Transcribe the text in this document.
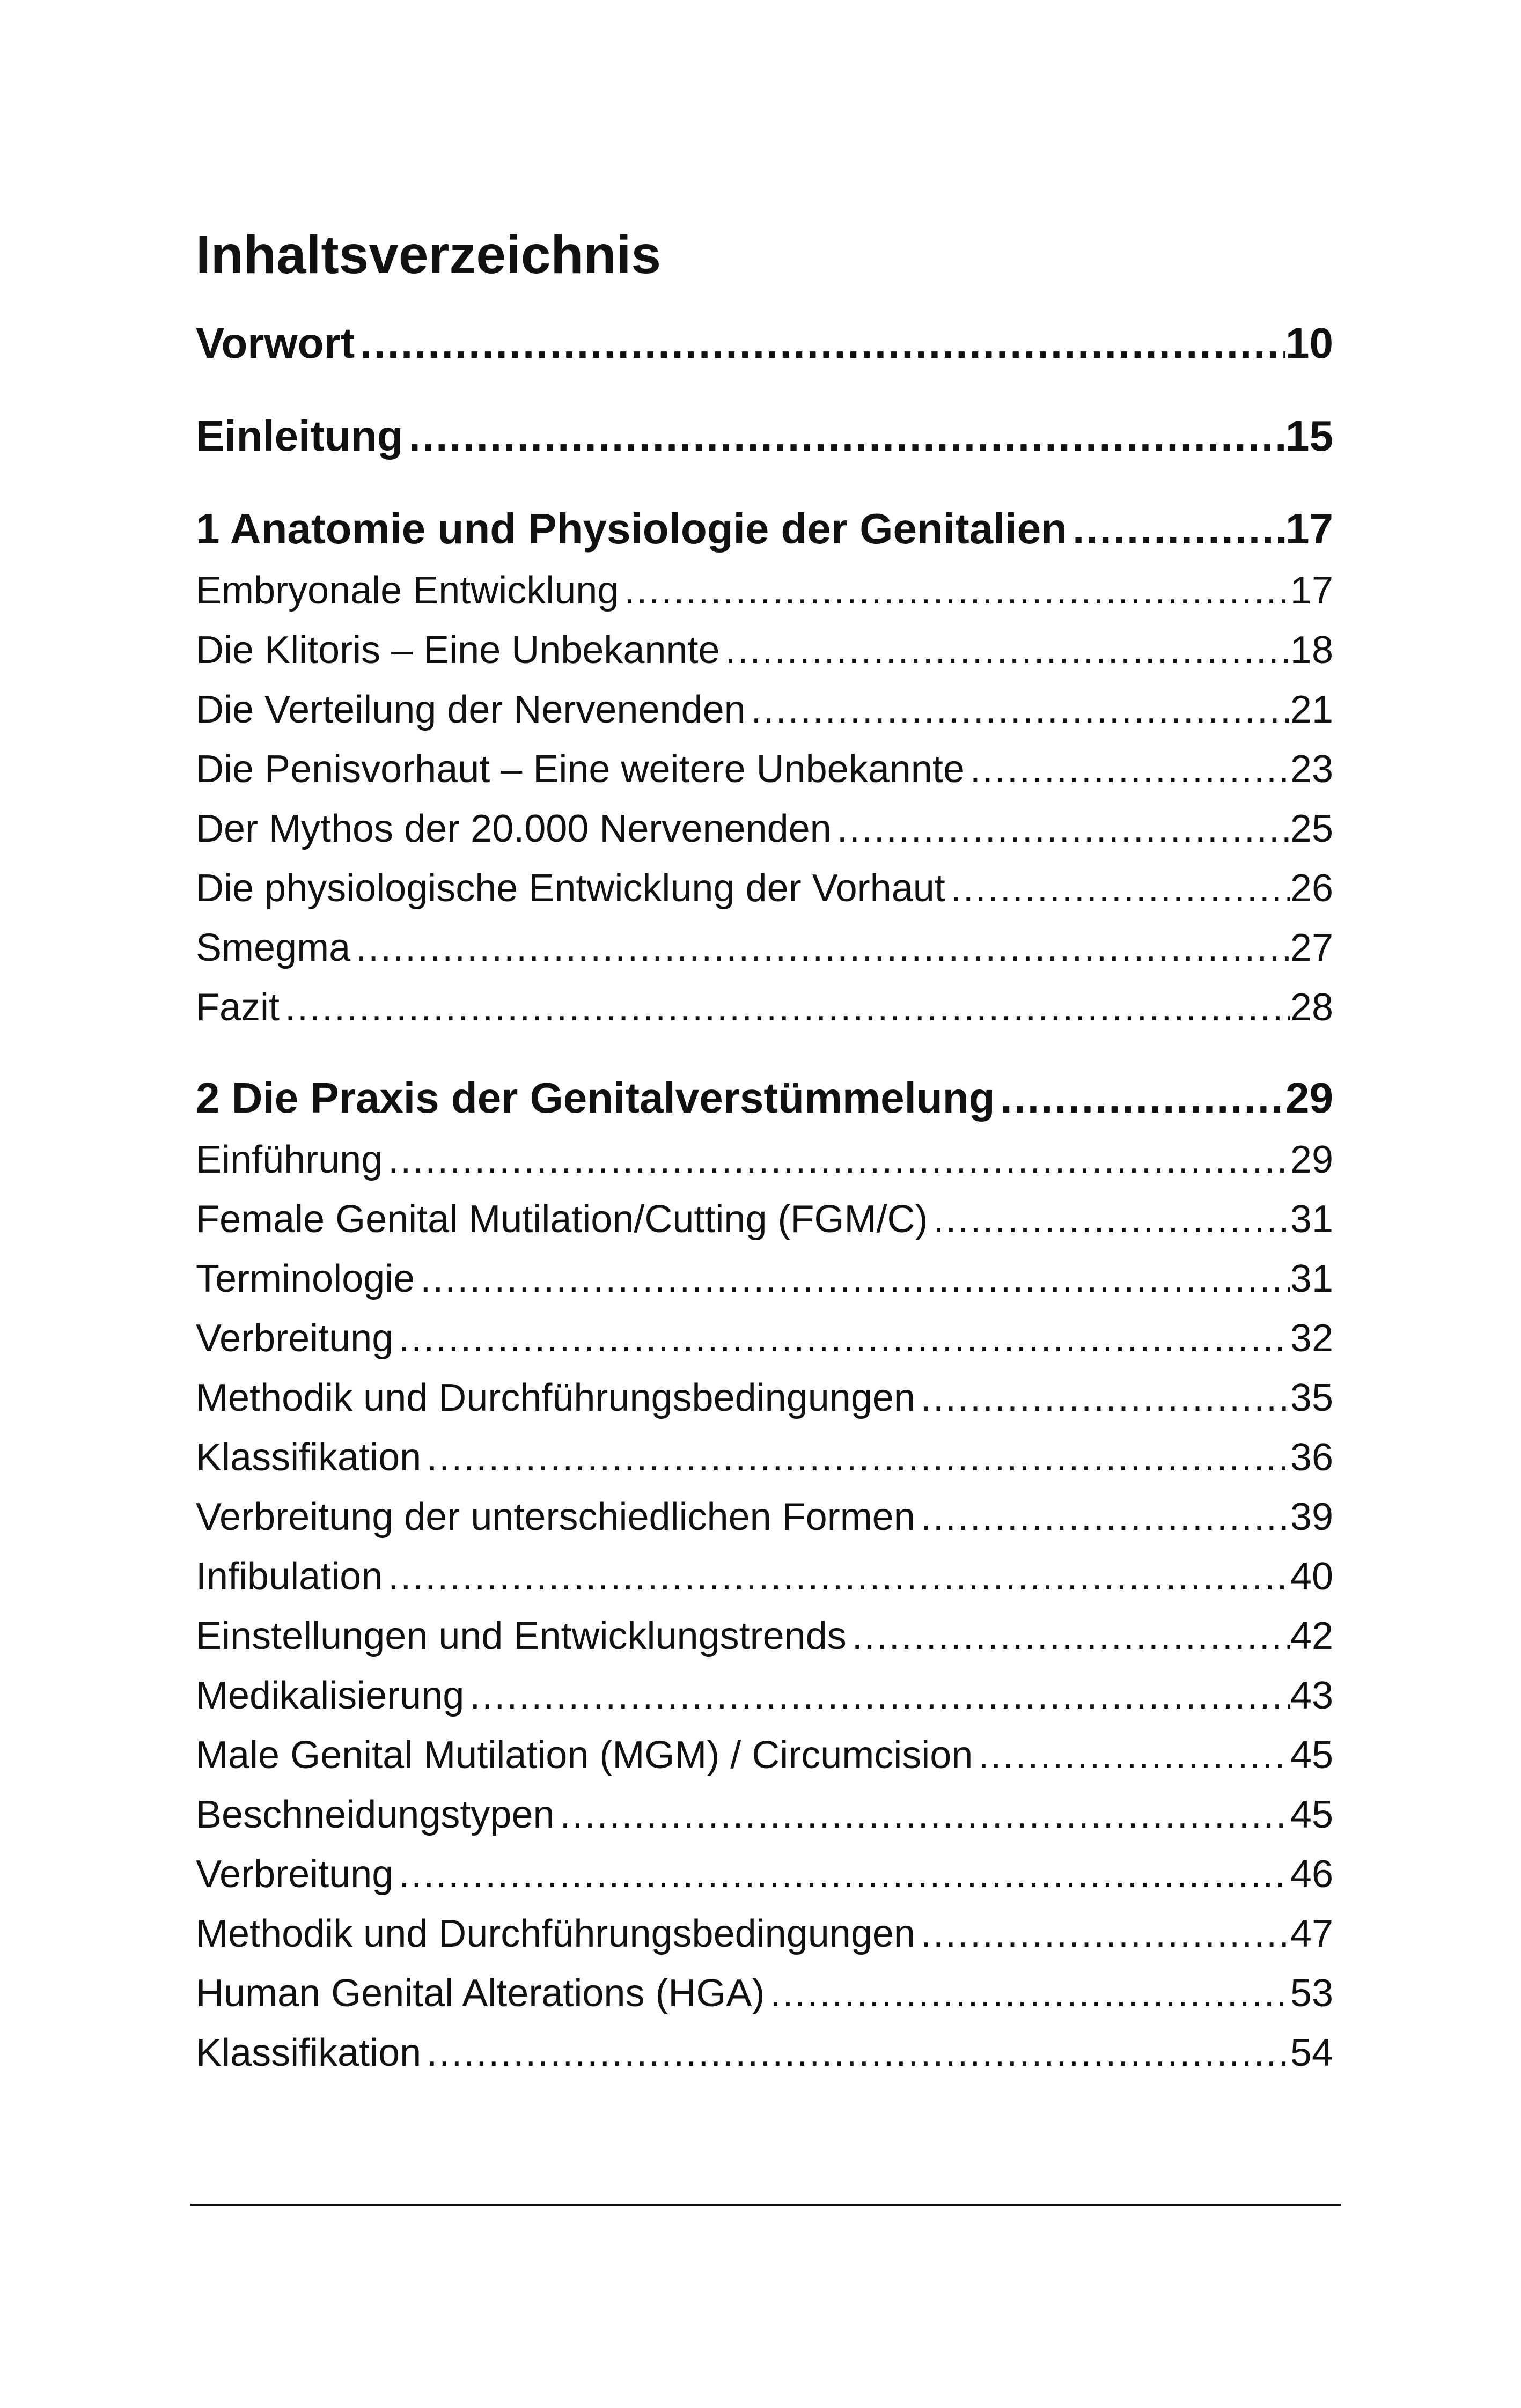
Inhaltsverzeichnis
Vorwort .....	10
Einleitung .....	15
1 Anatomie und Physiologie der Genitalien .....	17
Embryonale Entwicklung .....	17
Die Klitoris – Eine Unbekannte .....	18
Die Verteilung der Nervenenden .....	21
Die Penisvorhaut – Eine weitere Unbekannte .....	23
Der Mythos der 20.000 Nervenenden .....	25
Die physiologische Entwicklung der Vorhaut .....	26
Smegma .....	27
Fazit .....	28
2 Die Praxis der Genitalverstümmelung .....	29
Einführung .....	29
Female Genital Mutilation/Cutting (FGM/C) .....	31
Terminologie .....	31
Verbreitung .....	32
Methodik und Durchführungsbedingungen .....	35
Klassifikation .....	36
Verbreitung der unterschiedlichen Formen .....	39
Infibulation .....	40
Einstellungen und Entwicklungstrends .....	42
Medikalisierung .....	43
Male Genital Mutilation (MGM) / Circumcision .....	45
Beschneidungstypen .....	45
Verbreitung .....	46
Methodik und Durchführungsbedingungen .....	47
Human Genital Alterations (HGA) .....	53
Klassifikation .....	54
